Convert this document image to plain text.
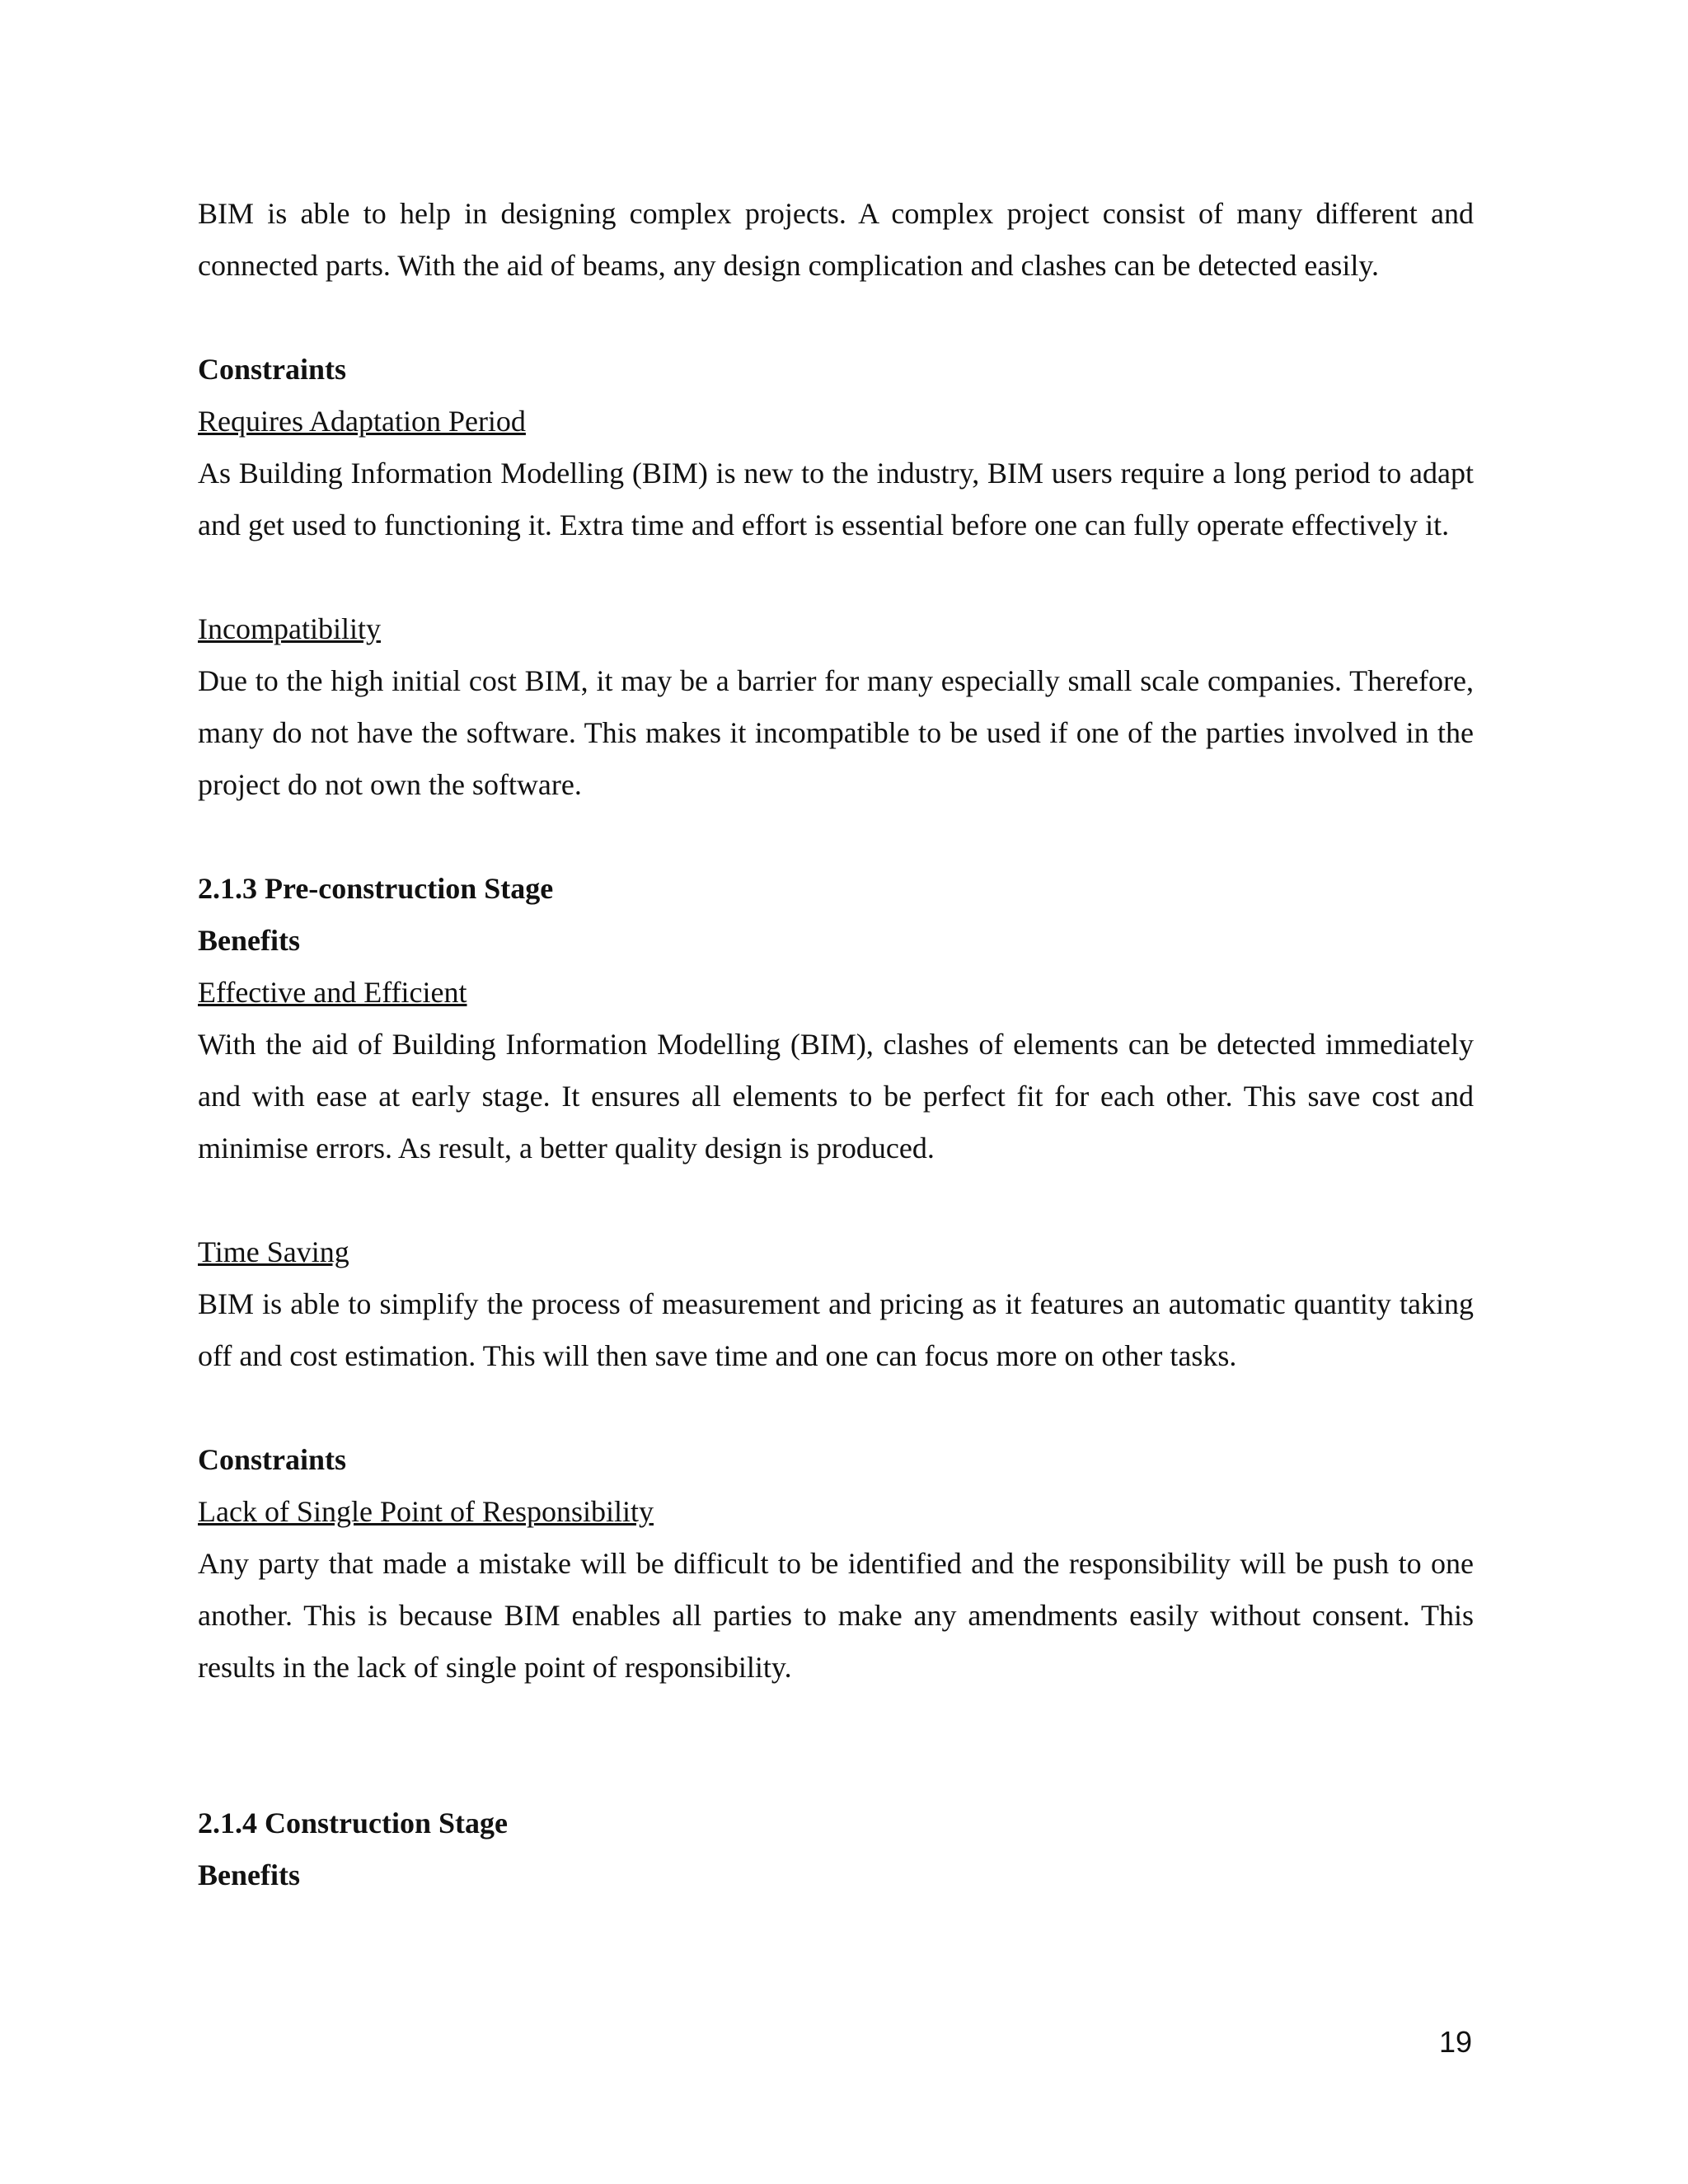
BIM is able to help in designing complex projects. A complex project consist of many different and connected parts. With the aid of beams, any design complication and clashes can be detected easily.

Constraints
Requires Adaptation Period

As Building Information Modelling (BIM) is new to the industry, BIM users require a long period to adapt and get used to functioning it. Extra time and effort is essential before one can fully operate effectively it.

Incompatibility

Due to the high initial cost BIM, it may be a barrier for many especially small scale companies. Therefore, many do not have the software. This makes it incompatible to be used if one of the parties involved in the project do not own the software.

2.1.3 Pre-construction Stage
Benefits
Effective and Efficient

With the aid of Building Information Modelling (BIM), clashes of elements can be detected immediately and with ease at early stage. It ensures all elements to be perfect fit for each other. This save cost and minimise errors. As result, a better quality design is produced.

Time Saving

BIM is able to simplify the process of measurement and pricing as it features an automatic quantity taking off and cost estimation. This will then save time and one can focus more on other tasks.

Constraints
Lack of Single Point of Responsibility

Any party that made a mistake will be difficult to be identified and the responsibility will be push to one another. This is because BIM enables all parties to make any amendments easily without consent. This results in the lack of single point of responsibility.

2.1.4 Construction Stage
Benefits
19
